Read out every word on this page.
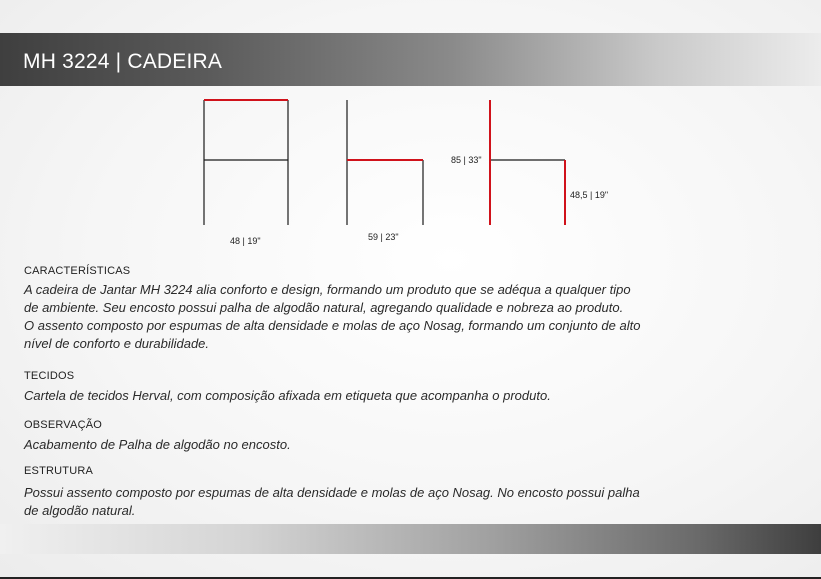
MH 3224 | CADEIRA
48 | 19"	59 | 23"
85 | 33"
48,5 | 19"
CARACTERÍSTICAS

A cadeira de Jantar MH 3224 alia conforto e design, formando um produto que se adéqua a qualquer tipo

de ambiente. Seu encosto possui palha de algodão natural, agregando qualidade e nobreza ao produto.

O assento composto por espumas de alta densidade e molas de aço Nosag, formando um conjunto de alto

nível de conforto e durabilidade.

TECIDOS

Cartela de tecidos Herval, com composição afixada em etiqueta que acompanha o produto.

OBSERVAÇÃO

Acabamento de Palha de algodão no encosto.

ESTRUTURA

Possui assento composto por espumas de alta densidade e molas de aço Nosag. No encosto possui palha

de algodão natural.
